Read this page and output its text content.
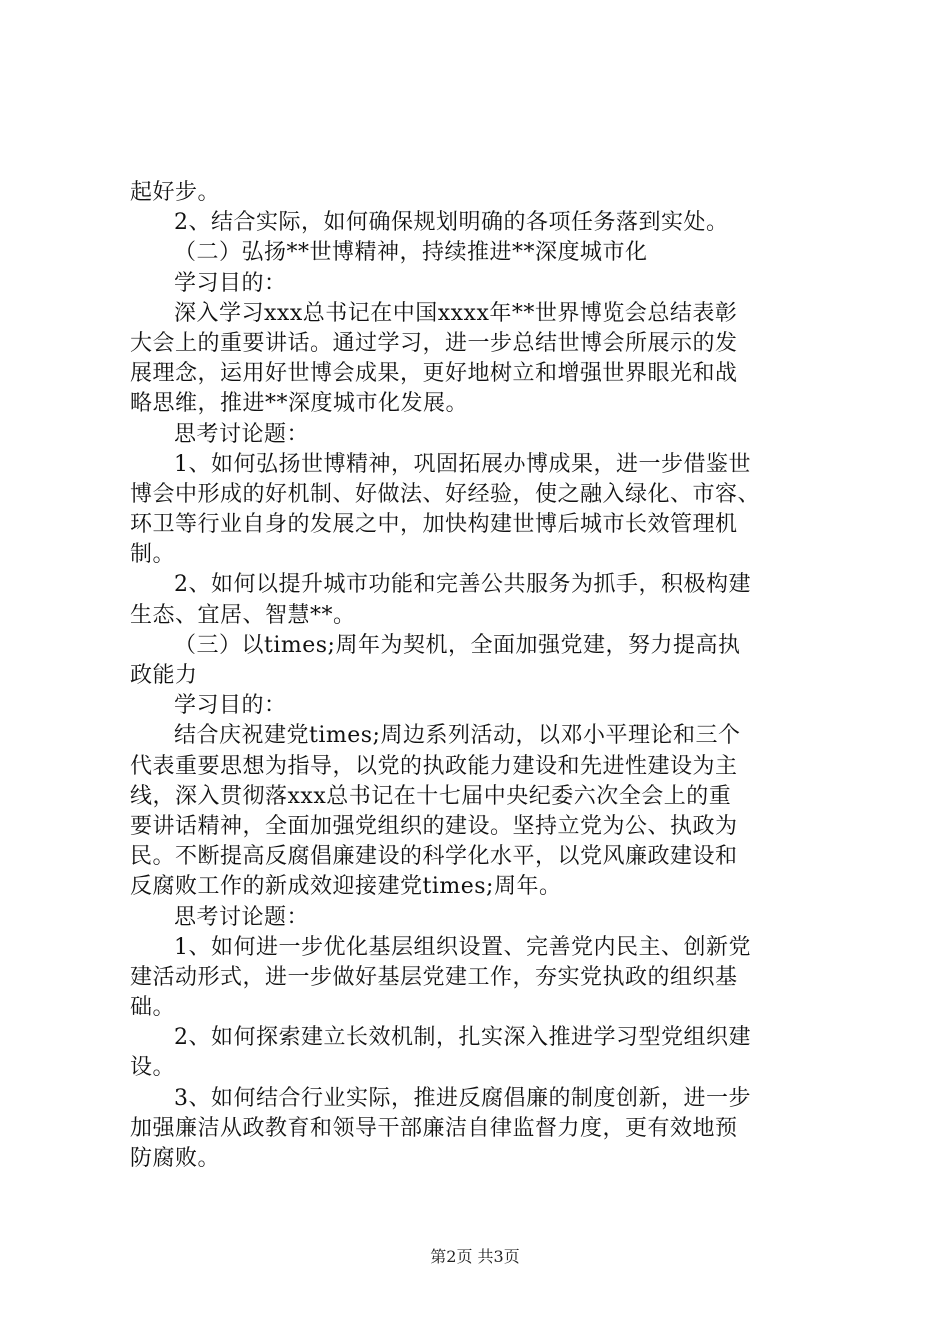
起好步。
2、结合实际，如何确保规划明确的各项任务落到实处。
（二）弘扬**世博精神，持续推进**深度城市化
学习目的：
深入学习xxx总书记在中国xxxx年**世界博览会总结表彰
大会上的重要讲话。通过学习，进一步总结世博会所展示的发
展理念，运用好世博会成果，更好地树立和增强世界眼光和战
略思维，推进**深度城市化发展。
思考讨论题：
1、如何弘扬世博精神，巩固拓展办博成果，进一步借鉴世
博会中形成的好机制、好做法、好经验，使之融入绿化、市容、
环卫等行业自身的发展之中，加快构建世博后城市长效管理机
制。
2、如何以提升城市功能和完善公共服务为抓手，积极构建
生态、宜居、智慧**。
（三）以times;周年为契机，全面加强党建，努力提高执
政能力
学习目的：
结合庆祝建党times;周边系列活动，以邓小平理论和三个
代表重要思想为指导，以党的执政能力建设和先进性建设为主
线，深入贯彻落xxx总书记在十七届中央纪委六次全会上的重
要讲话精神，全面加强党组织的建设。坚持立党为公、执政为
民。不断提高反腐倡廉建设的科学化水平，以党风廉政建设和
反腐败工作的新成效迎接建党times;周年。
思考讨论题：
1、如何进一步优化基层组织设置、完善党内民主、创新党
建活动形式，进一步做好基层党建工作，夯实党执政的组织基
础。
2、如何探索建立长效机制，扎实深入推进学习型党组织建
设。
3、如何结合行业实际，推进反腐倡廉的制度创新，进一步
加强廉洁从政教育和领导干部廉洁自律监督力度，更有效地预
防腐败。
第2页 共3页
